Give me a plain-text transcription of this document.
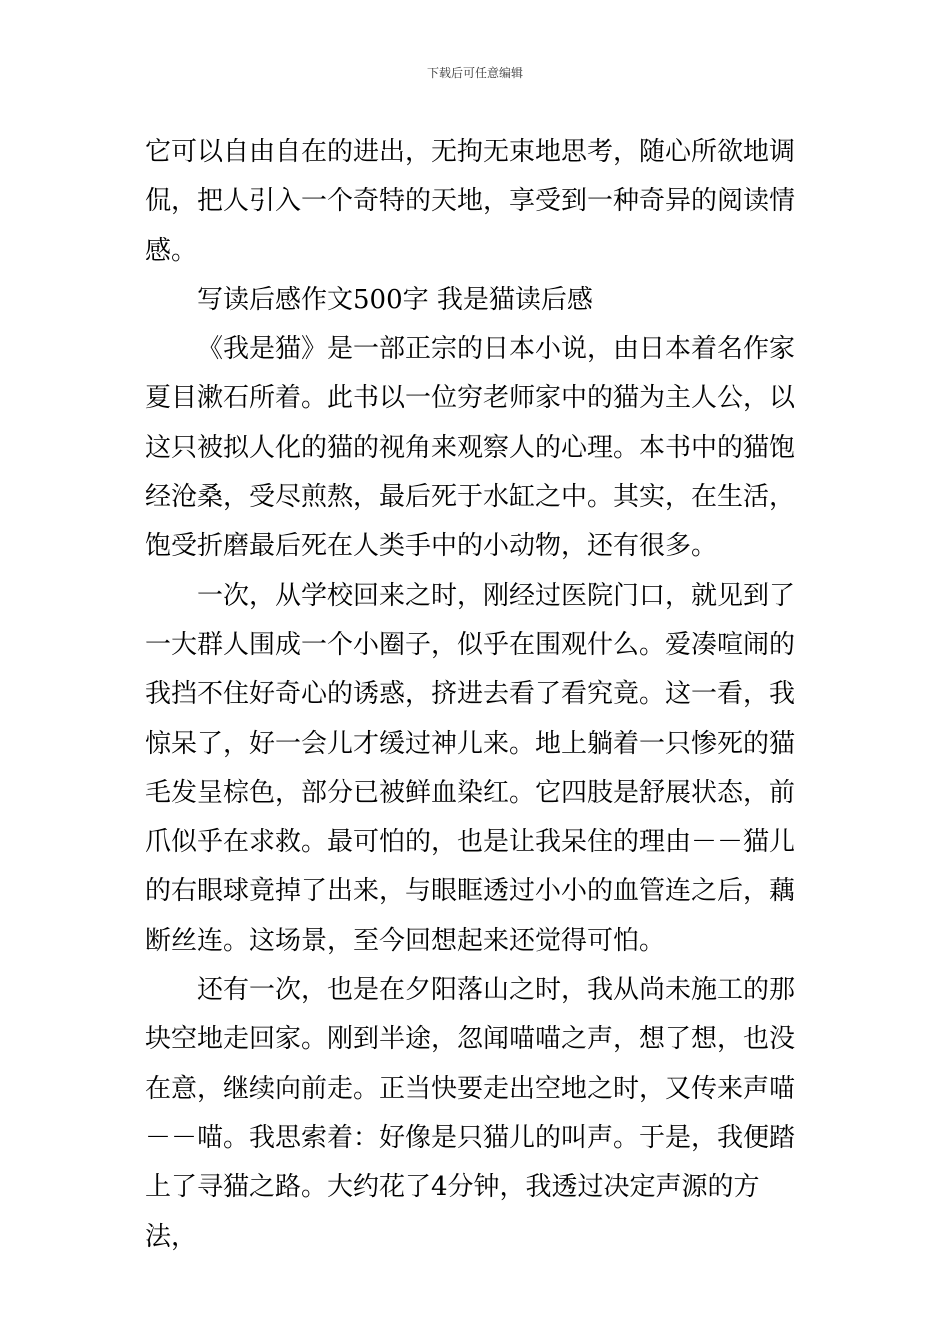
下载后可任意编辑

它可以自由自在的进出，无拘无束地思考，随心所欲地调侃，把人引入一个奇特的天地，享受到一种奇异的阅读情感。

写读后感作文500字 我是猫读后感

《我是猫》是一部正宗的日本小说，由日本着名作家夏目漱石所着。此书以一位穷老师家中的猫为主人公，以这只被拟人化的猫的视角来观察人的心理。本书中的猫饱经沧桑，受尽煎熬，最后死于水缸之中。其实，在生活，饱受折磨最后死在人类手中的小动物，还有很多。

一次，从学校回来之时，刚经过医院门口，就见到了一大群人围成一个小圈子，似乎在围观什么。爱凑喧闹的我挡不住好奇心的诱惑，挤进去看了看究竟。这一看，我惊呆了，好一会儿才缓过神儿来。地上躺着一只惨死的猫毛发呈棕色，部分已被鲜血染红。它四肢是舒展状态，前爪似乎在求救。最可怕的，也是让我呆住的理由－－猫儿的右眼球竟掉了出来，与眼眶透过小小的血管连之后，藕断丝连。这场景，至今回想起来还觉得可怕。

还有一次，也是在夕阳落山之时，我从尚未施工的那块空地走回家。刚到半途，忽闻喵喵之声，想了想，也没在意，继续向前走。正当快要走出空地之时，又传来声喵－－喵。我思索着：好像是只猫儿的叫声。于是，我便踏上了寻猫之路。大约花了4分钟，我透过决定声源的方法，
